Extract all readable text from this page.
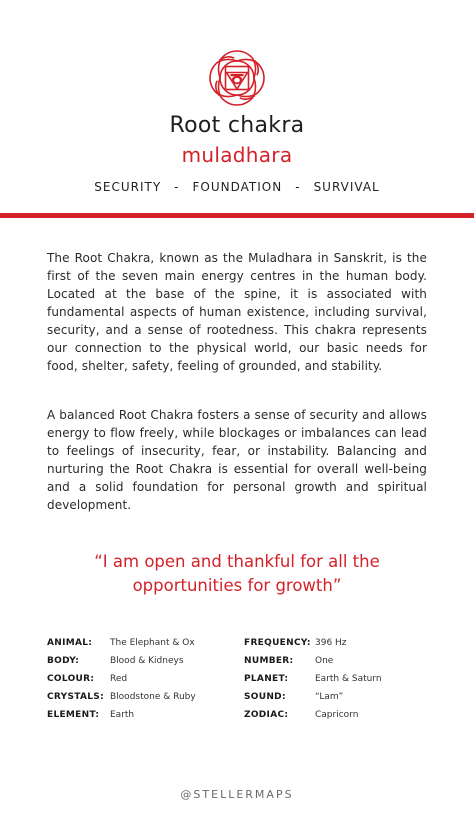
Root chakra
muladhara
SECURITY - FOUNDATION - SURVIVAL

The Root Chakra, known as the Muladhara in Sanskrit, is the first of the seven main energy centres in the human body. Located at the base of the spine, it is associated with fundamental aspects of human existence, including survival, security, and a sense of rootedness. This chakra represents our connection to the physical world, our basic needs for food, shelter, safety, feeling of grounded, and stability.

A balanced Root Chakra fosters a sense of security and allows energy to flow freely, while blockages or imbalances can lead to feelings of insecurity, fear, or instability. Balancing and nurturing the Root Chakra is essential for overall well-being and a solid foundation for personal growth and spiritual development.

“I am open and thankful for all the opportunities for growth”
ANIMAL:	The Elephant & Ox
BODY:	Blood & Kidneys
COLOUR:	Red
CRYSTALS: Bloodstone & Ruby
ELEMENT:	Earth
FREQUENCY: 396 Hz
NUMBER:	One
PLANET:	Earth & Saturn
SOUND:	“Lam”
ZODIAC:	Capricorn
@STELLERMAPS
